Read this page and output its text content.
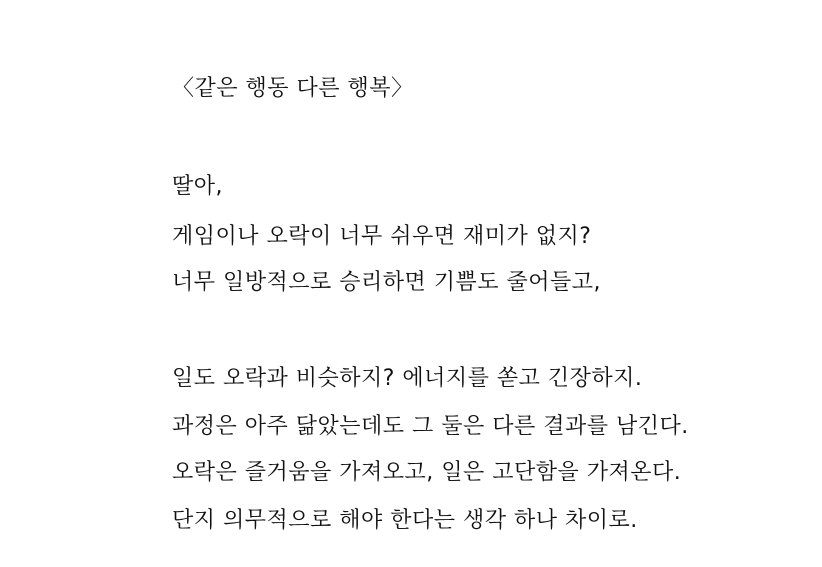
〈같은 행동 다른 행복〉

딸아,

게임이나 오락이 너무 쉬우면 재미가 없지?

너무 일방적으로 승리하면 기쁨도 줄어들고,

일도 오락과 비슷하지? 에너지를 쏟고 긴장하지.

과정은 아주 닮았는데도 그 둘은 다른 결과를 남긴다.

오락은 즐거움을 가져오고, 일은 고단함을 가져온다.

단지 의무적으로 해야 한다는 생각 하나 차이로.
